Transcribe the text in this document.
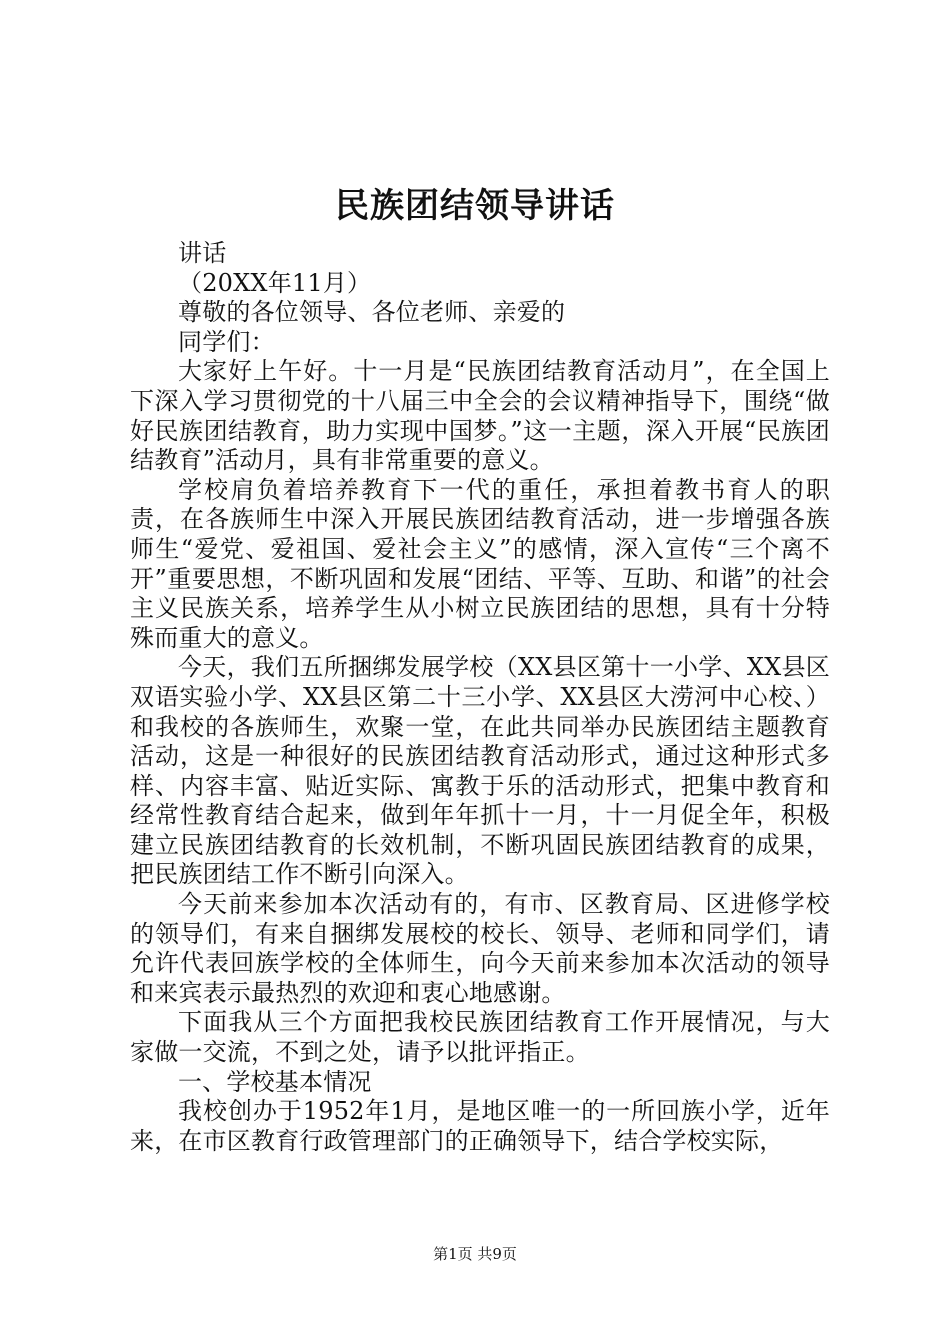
民族团结领导讲话

讲话

（20XX年11月）

尊敬的各位领导、各位老师、亲爱的

同学们：

大家好上午好。十一月是“民族团结教育活动月”，在全国上下深入学习贯彻党的十八届三中全会的会议精神指导下，围绕“做好民族团结教育，助力实现中国梦。”这一主题，深入开展“民族团结教育”活动月，具有非常重要的意义。

学校肩负着培养教育下一代的重任，承担着教书育人的职责，在各族师生中深入开展民族团结教育活动，进一步增强各族师生“爱党、爱祖国、爱社会主义”的感情，深入宣传“三个离不开”重要思想，不断巩固和发展“团结、平等、互助、和谐”的社会主义民族关系，培养学生从小树立民族团结的思想，具有十分特殊而重大的意义。

今天，我们五所捆绑发展学校（XX县区第十一小学、XX县区双语实验小学、XX县区第二十三小学、XX县区大涝河中心校、）和我校的各族师生，欢聚一堂，在此共同举办民族团结主题教育活动，这是一种很好的民族团结教育活动形式，通过这种形式多样、内容丰富、贴近实际、寓教于乐的活动形式，把集中教育和经常性教育结合起来，做到年年抓十一月，十一月促全年，积极建立民族团结教育的长效机制，不断巩固民族团结教育的成果，把民族团结工作不断引向深入。

今天前来参加本次活动有的，有市、区教育局、区进修学校的领导们，有来自捆绑发展校的校长、领导、老师和同学们，请允许代表回族学校的全体师生，向今天前来参加本次活动的领导和来宾表示最热烈的欢迎和衷心地感谢。

下面我从三个方面把我校民族团结教育工作开展情况，与大家做一交流，不到之处，请予以批评指正。

一、学校基本情况

我校创办于1952年1月，是地区唯一的一所回族小学，近年来，在市区教育行政管理部门的正确领导下，结合学校实际，

第1页 共9页
